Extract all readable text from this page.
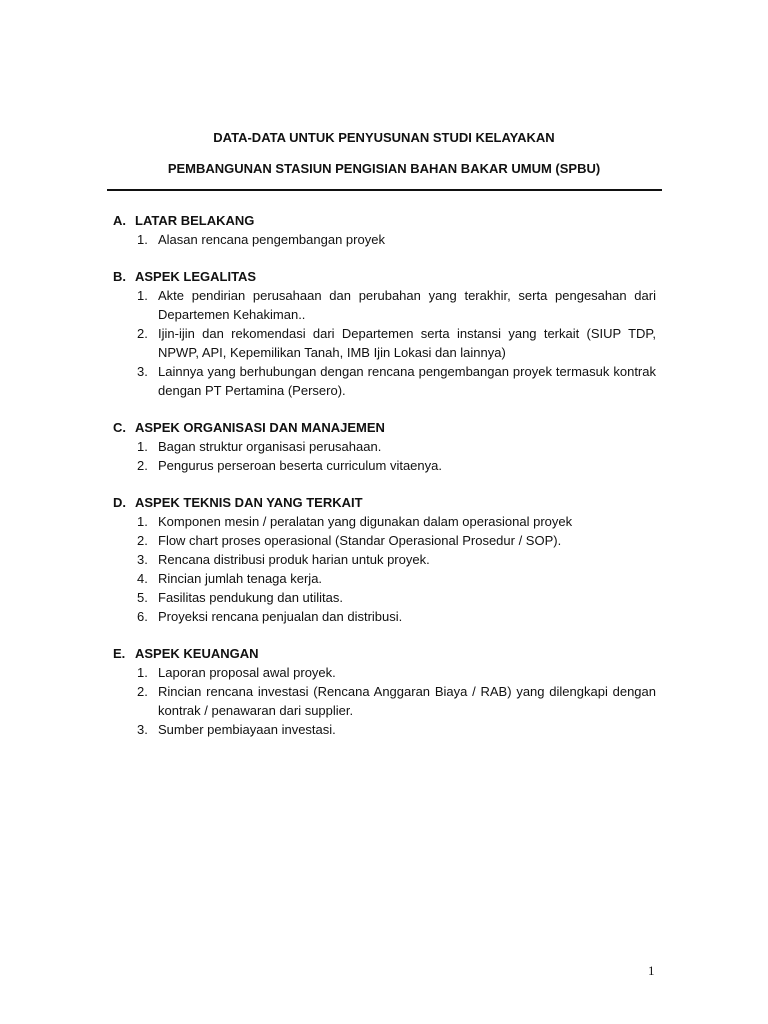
DATA-DATA UNTUK PENYUSUNAN STUDI KELAYAKAN
PEMBANGUNAN STASIUN PENGISIAN BAHAN BAKAR UMUM (SPBU)
A. LATAR BELAKANG
1. Alasan rencana pengembangan proyek
B. ASPEK LEGALITAS
1. Akte pendirian perusahaan dan perubahan yang terakhir, serta pengesahan dari Departemen Kehakiman..
2. Ijin-ijin dan rekomendasi dari Departemen serta instansi yang terkait (SIUP TDP, NPWP, API, Kepemilikan Tanah, IMB Ijin Lokasi dan lainnya)
3. Lainnya yang berhubungan dengan rencana pengembangan proyek termasuk kontrak dengan PT Pertamina (Persero).
C. ASPEK ORGANISASI DAN MANAJEMEN
1. Bagan struktur organisasi perusahaan.
2. Pengurus perseroan beserta curriculum vitaenya.
D. ASPEK TEKNIS DAN YANG TERKAIT
1. Komponen mesin / peralatan yang digunakan dalam operasional proyek
2. Flow chart proses operasional (Standar Operasional Prosedur / SOP).
3. Rencana distribusi produk harian untuk proyek.
4. Rincian jumlah tenaga kerja.
5. Fasilitas pendukung dan utilitas.
6. Proyeksi rencana penjualan dan distribusi.
E. ASPEK KEUANGAN
1. Laporan proposal awal proyek.
2. Rincian rencana investasi (Rencana Anggaran Biaya / RAB) yang dilengkapi dengan kontrak / penawaran dari supplier.
3. Sumber pembiayaan investasi.
1
